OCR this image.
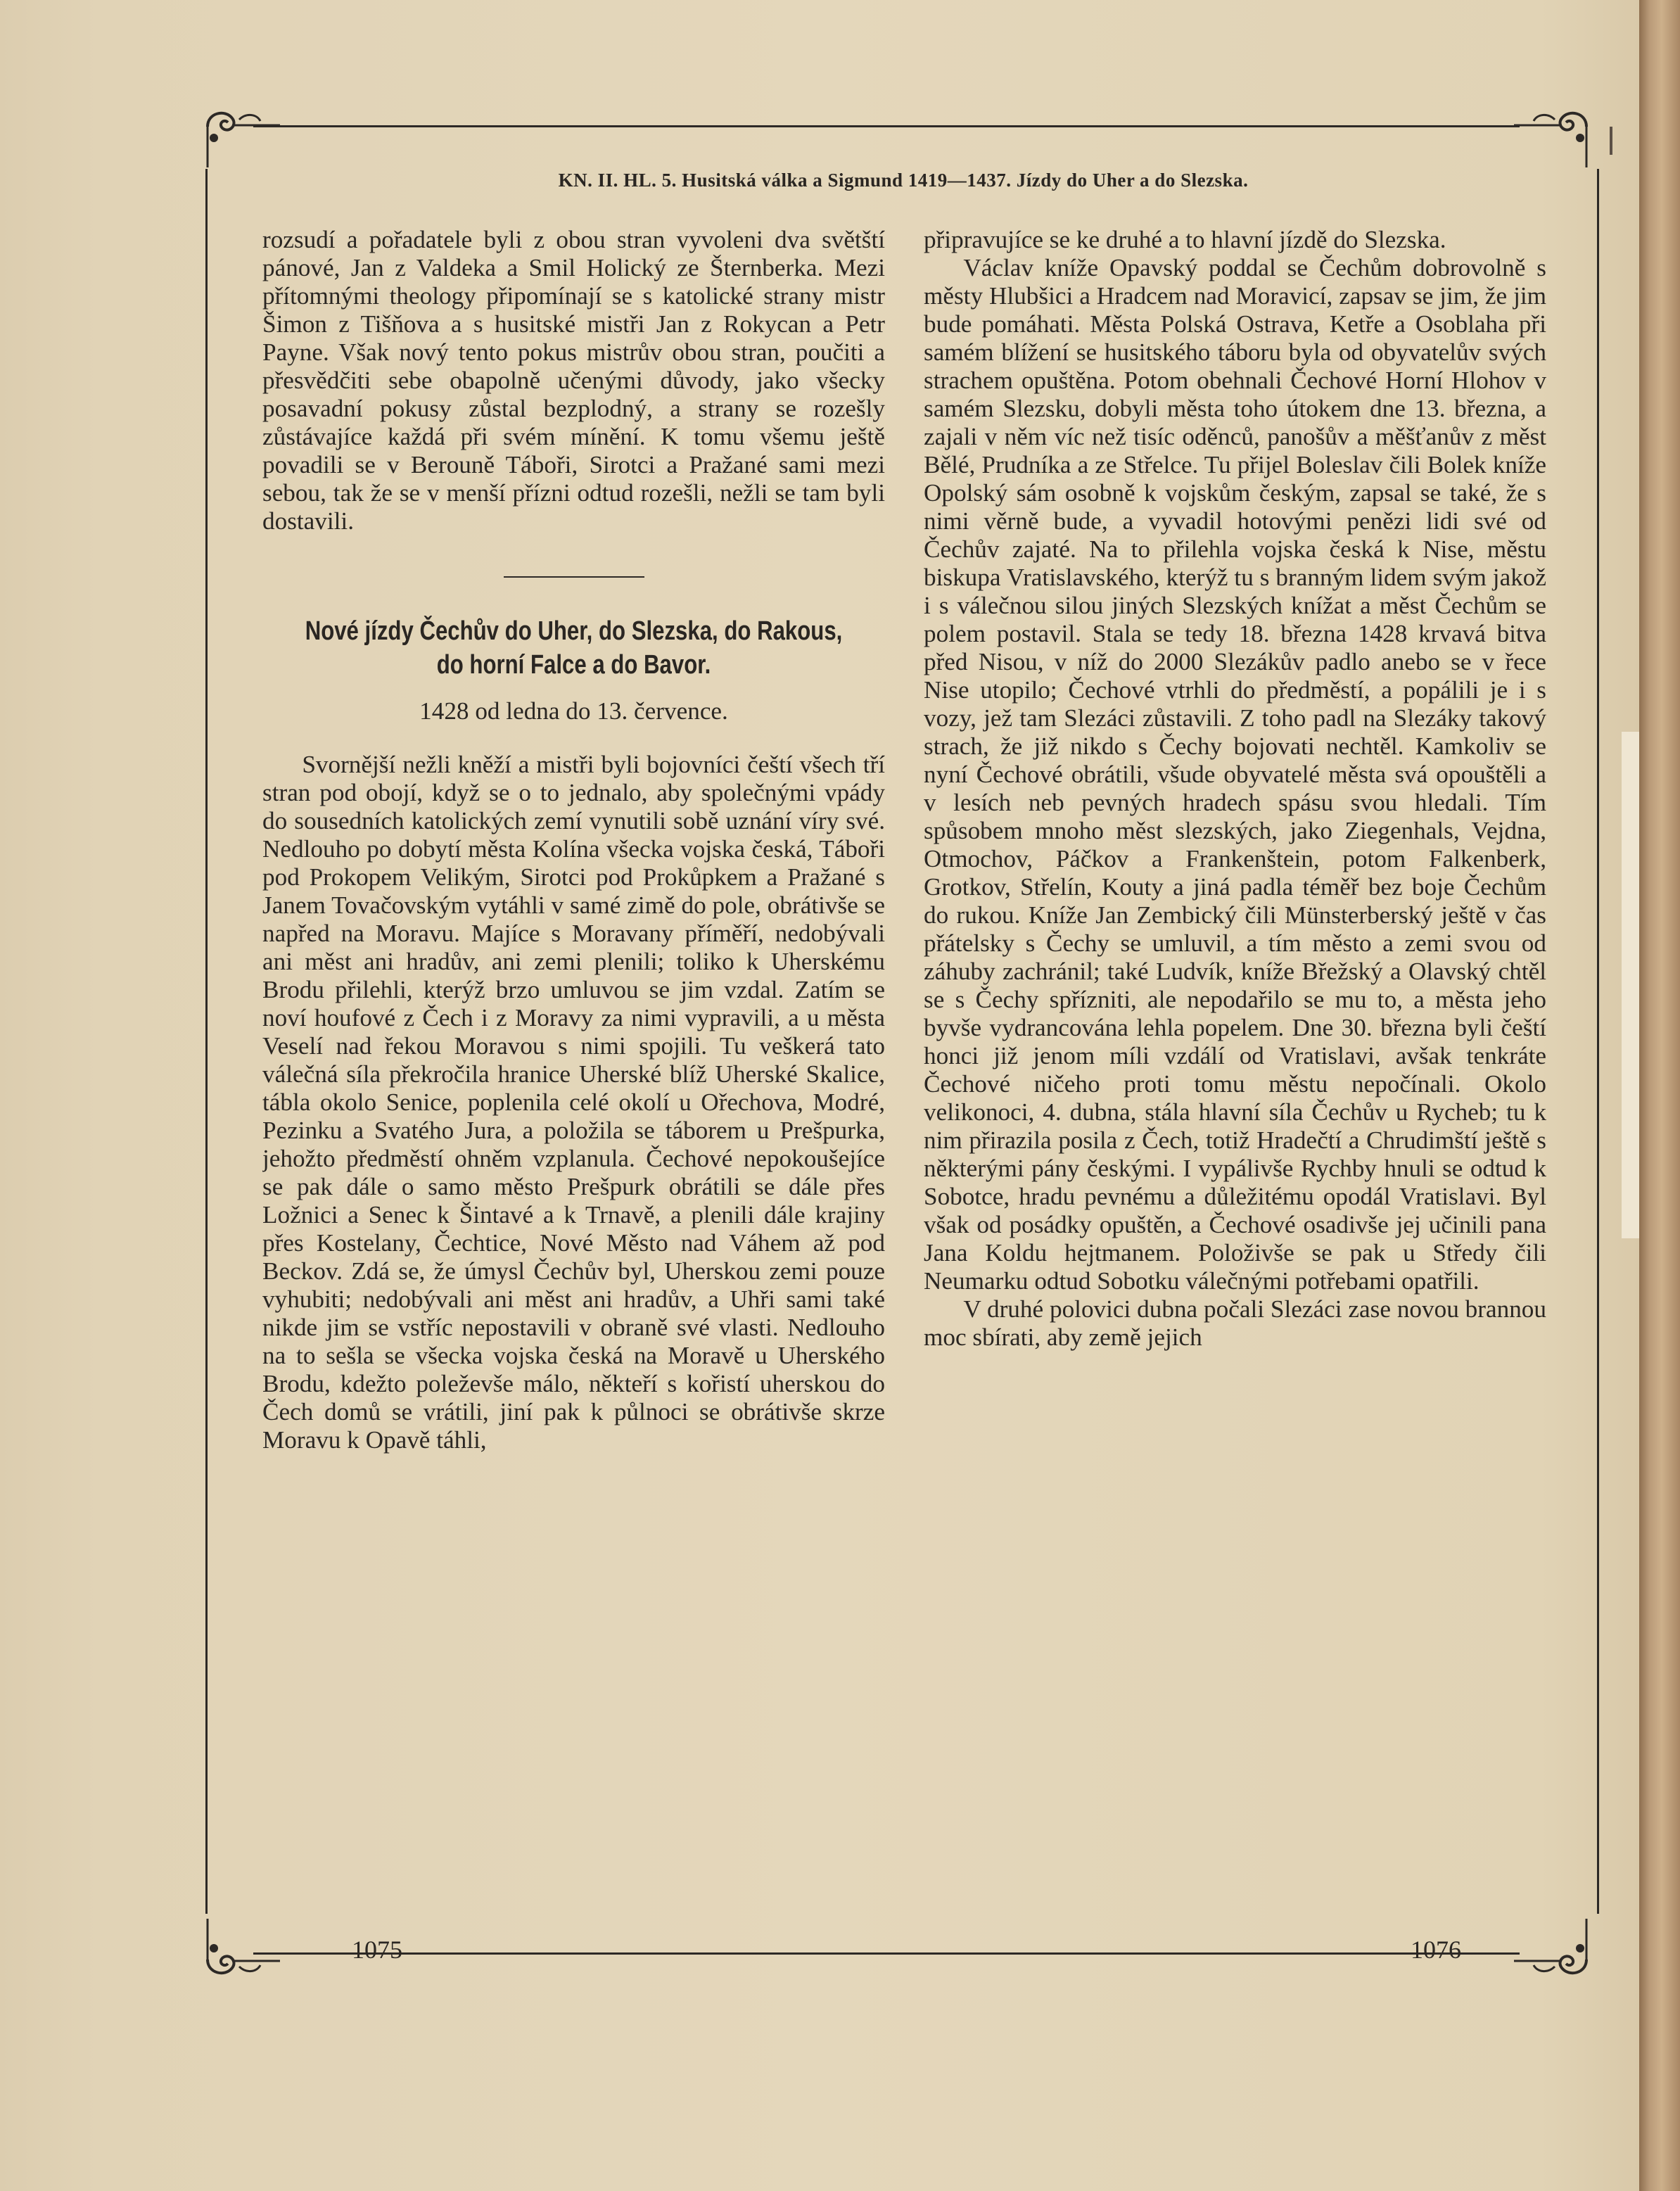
KN. II. HL. 5. Husitská válka a Sigmund 1419—1437. Jízdy do Uher a do Slezska.

rozsudí a pořadatele byli z obou stran vyvoleni dva světští pánové, Jan z Valdeka a Smil Holický ze Šternberka. Mezi přítomnými theology připomínají se s katolické strany mistr Šimon z Tišňova a s husitské mistři Jan z Rokycan a Petr Payne. Však nový tento pokus mistrův obou stran, poučiti a přesvědčiti sebe obapolně učenými důvody, jako všecky posavadní pokusy zůstal bezplodný, a strany se rozešly zůstávajíce každá při svém mínění. K tomu všemu ještě povadili se v Berouně Táboři, Sirotci a Pražané sami mezi sebou, tak že se v menší přízni odtud rozešli, nežli se tam byli dostavili.

Nové jízdy Čechův do Uher, do Slezska, do Rakous,
do horní Falce a do Bavor.
1428 od ledna do 13. července.

Svornější nežli kněží a mistři byli bojovníci čeští všech tří stran pod obojí, když se o to jednalo, aby společnými vpády do sousedních katolických zemí vynutili sobě uznání víry své. Nedlouho po dobytí města Kolína všecka vojska česká, Táboři pod Prokopem Velikým, Sirotci pod Prokůpkem a Pražané s Janem Tovačovským vytáhli v samé zimě do pole, obrátivše se napřed na Moravu. Majíce s Moravany příměří, nedobývali ani měst ani hradův, ani zemi plenili; toliko k Uherskému Brodu přilehli, kterýž brzo umluvou se jim vzdal. Zatím se noví houfové z Čech i z Moravy za nimi vypravili, a u města Veselí nad řekou Moravou s nimi spojili. Tu veškerá tato válečná síla překročila hranice Uherské blíž Uherské Skalice, tábla okolo Senice, poplenila celé okolí u Ořechova, Modré, Pezinku a Svatého Jura, a položila se táborem u Prešpurka, jehožto předměstí ohněm vzplanula. Čechové nepokoušejíce se pak dále o samo město Prešpurk obrátili se dále přes Ložnici a Senec k Šintavé a k Trnavě, a plenili dále krajiny přes Kostelany, Čechtice, Nové Město nad Váhem až pod Beckov. Zdá se, že úmysl Čechův byl, Uherskou zemi pouze vyhubiti; nedobývali ani měst ani hradův, a Uhři sami také nikde jim se vstříc nepostavili v obraně své vlasti. Nedlouho na to sešla se všecka vojska česká na Moravě u Uherského Brodu, kdežto poleževše málo, někteří s kořistí uherskou do Čech domů se vrátili, jiní pak k půlnoci se obrátivše skrze Moravu k Opavě táhli,

připravujíce se ke druhé a to hlavní jízdě do Slezska.

Václav kníže Opavský poddal se Čechům dobrovolně s městy Hlubšici a Hradcem nad Moravicí, zapsav se jim, že jim bude pomáhati. Města Polská Ostrava, Ketře a Osoblaha při samém blížení se husitského táboru byla od obyvatelův svých strachem opuštěna. Potom obehnali Čechové Horní Hlohov v samém Slezsku, dobyli města toho útokem dne 13. března, a zajali v něm víc než tisíc oděnců, panošův a měšťanův z měst Bělé, Prudníka a ze Střelce. Tu přijel Boleslav čili Bolek kníže Opolský sám osobně k vojskům českým, zapsal se také, že s nimi věrně bude, a vyvadil hotovými penězi lidi své od Čechův zajaté. Na to přilehla vojska česká k Nise, městu biskupa Vratislavského, kterýž tu s branným lidem svým jakož i s válečnou silou jiných Slezských knížat a měst Čechům se polem postavil. Stala se tedy 18. března 1428 krvavá bitva před Nisou, v níž do 2000 Slezákův padlo anebo se v řece Nise utopilo; Čechové vtrhli do předměstí, a popálili je i s vozy, jež tam Slezáci zůstavili. Z toho padl na Slezáky takový strach, že již nikdo s Čechy bojovati nechtěl. Kamkoliv se nyní Čechové obrátili, všude obyvatelé města svá opouštěli a v lesích neb pevných hradech spásu svou hledali. Tím spůsobem mnoho měst slezských, jako Ziegenhals, Vejdna, Otmochov, Páčkov a Frankenštein, potom Falkenberk, Grotkov, Střelín, Kouty a jiná padla téměř bez boje Čechům do rukou. Kníže Jan Zembický čili Münsterberský ještě v čas přátelsky s Čechy se umluvil, a tím město a zemi svou od záhuby zachránil; také Ludvík, kníže Břežský a Olavský chtěl se s Čechy spřízniti, ale nepodařilo se mu to, a města jeho byvše vydrancována lehla popelem. Dne 30. března byli čeští honci již jenom míli vzdálí od Vratislavi, avšak tenkráte Čechové ničeho proti tomu městu nepočínali. Okolo velikonoci, 4. dubna, stála hlavní síla Čechův u Rycheb; tu k nim přirazila posila z Čech, totiž Hradečtí a Chrudimští ještě s některými pány českými. I vypálivše Rychby hnuli se odtud k Sobotce, hradu pevnému a důležitému opodál Vratislavi. Byl však od posádky opuštěn, a Čechové osadivše jej učinili pana Jana Koldu hejtmanem. Položivše se pak u Středy čili Neumarku odtud Sobotku válečnými potřebami opatřili.

V druhé polovici dubna počali Slezáci zase novou brannou moc sbírati, aby země jejich

1075	1076
